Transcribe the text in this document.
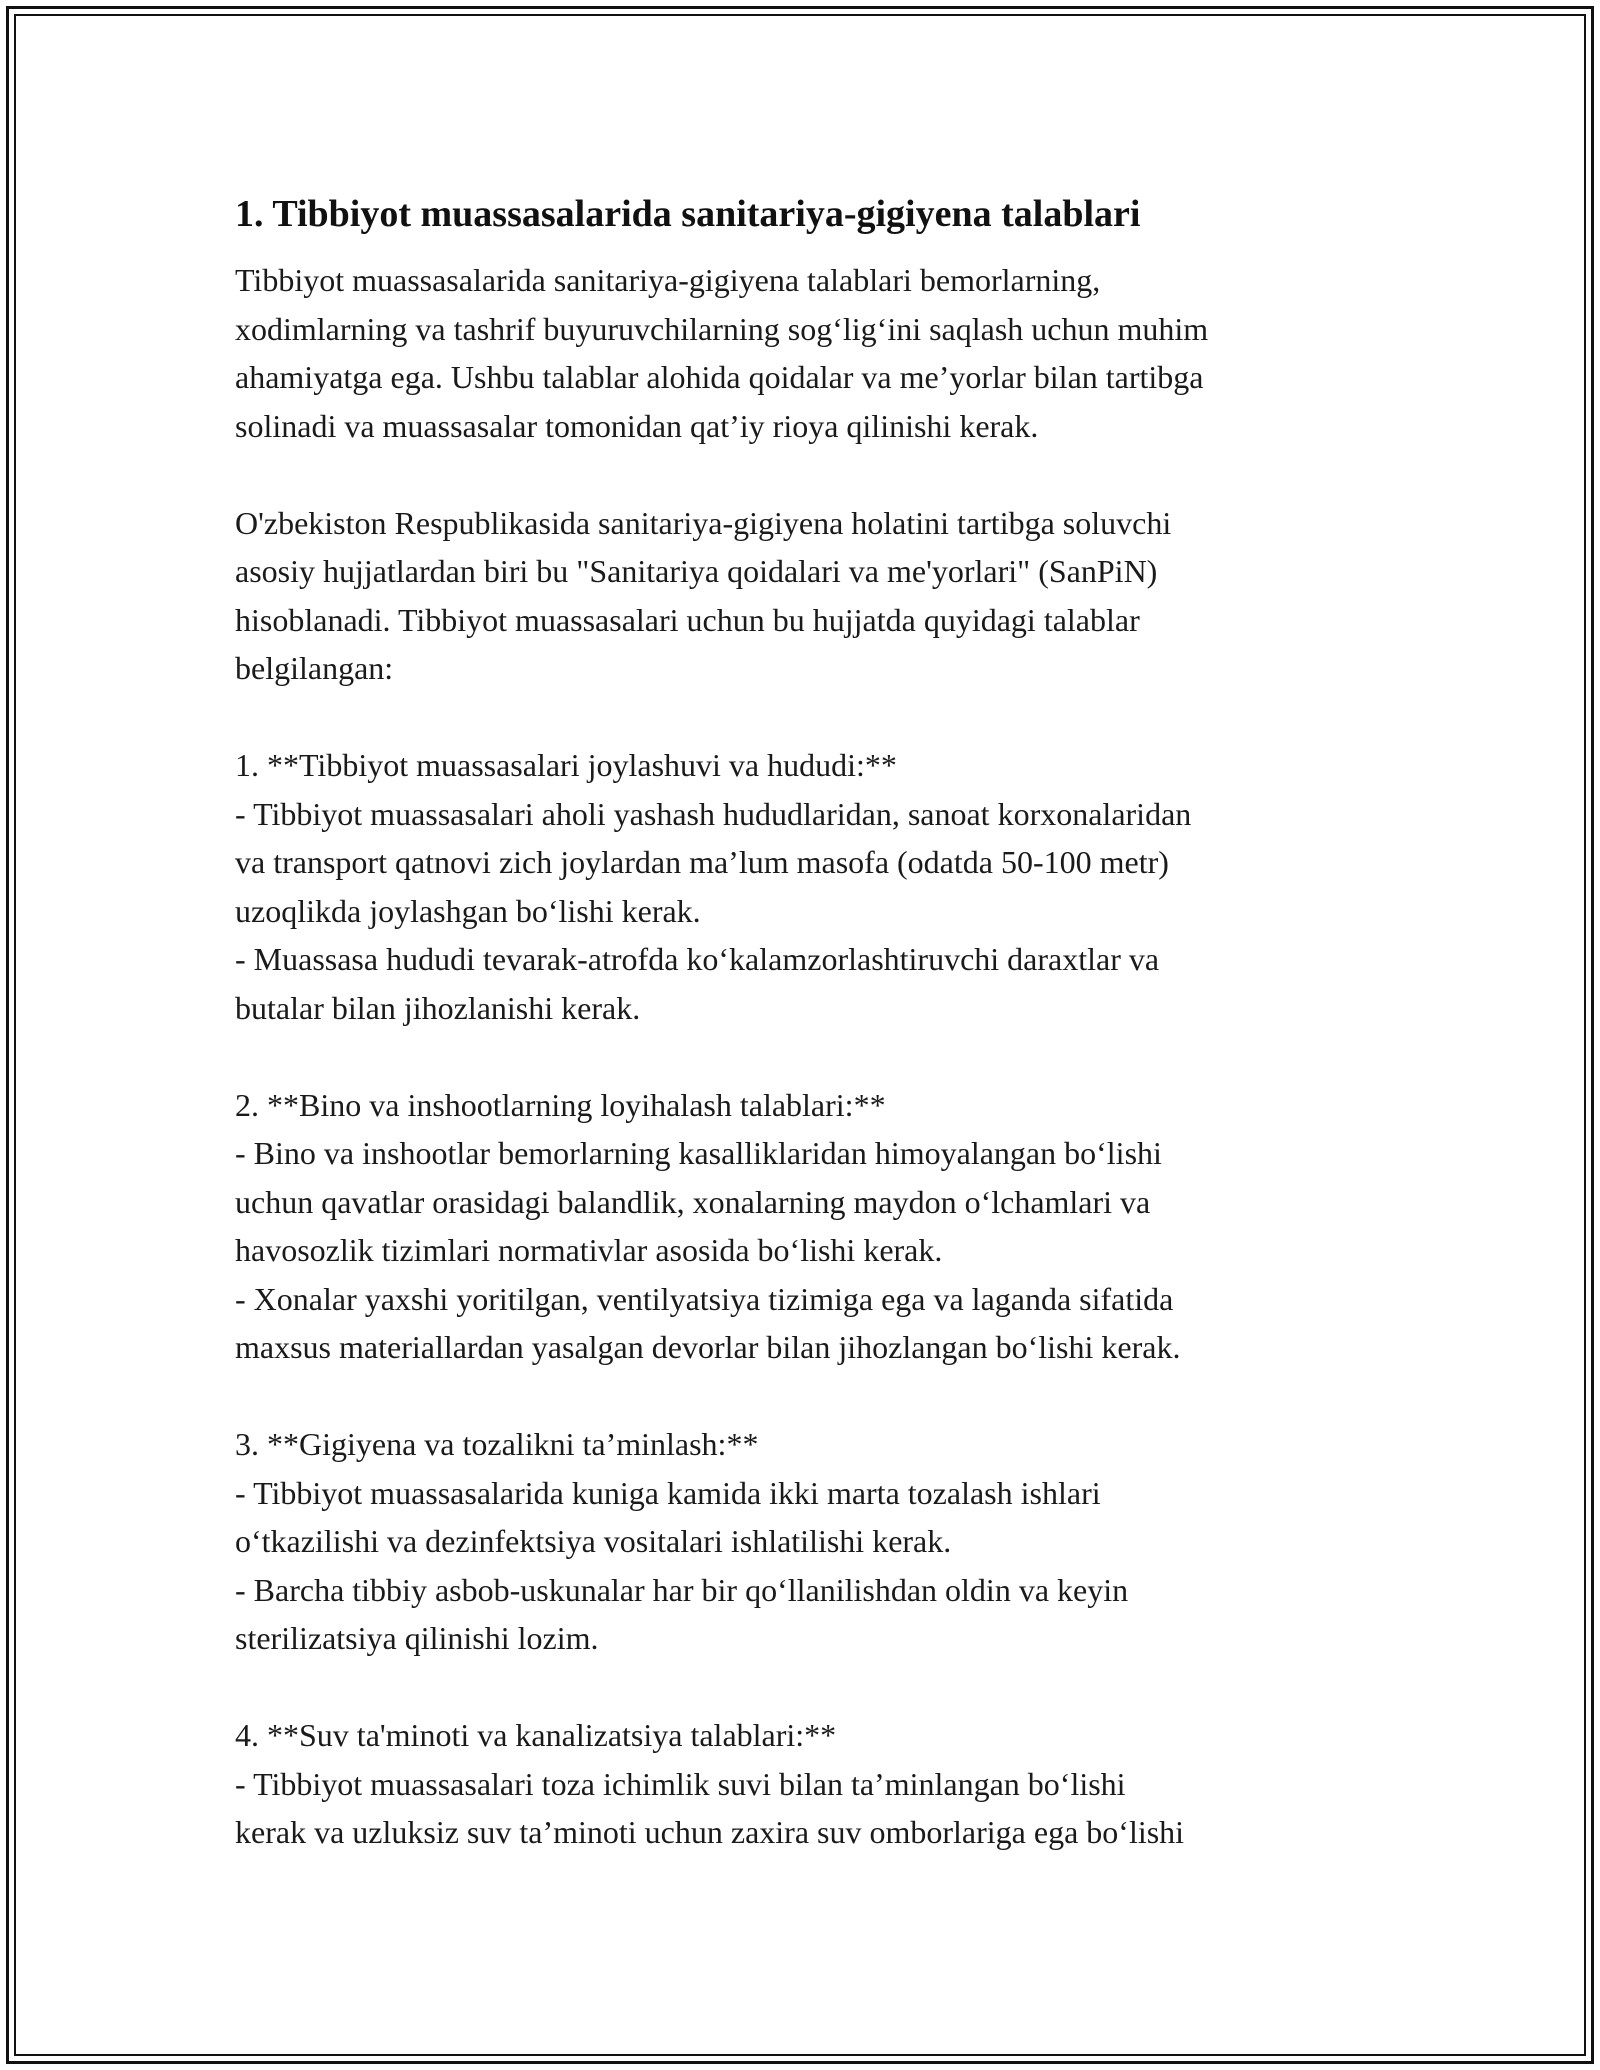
1. Tibbiyot muassasalarida sanitariya-gigiyena talablari

Tibbiyot muassasalarida sanitariya-gigiyena talablari bemorlarning,
xodimlarning va tashrif buyuruvchilarning sog‘lig‘ini saqlash uchun muhim
ahamiyatga ega. Ushbu talablar alohida qoidalar va me’yorlar bilan tartibga
solinadi va muassasalar tomonidan qat’iy rioya qilinishi kerak.

O'zbekiston Respublikasida sanitariya-gigiyena holatini tartibga soluvchi
asosiy hujjatlardan biri bu "Sanitariya qoidalari va me'yorlari" (SanPiN)
hisoblanadi. Tibbiyot muassasalari uchun bu hujjatda quyidagi talablar
belgilangan:

1. **Tibbiyot muassasalari joylashuvi va hududi:**

- Tibbiyot muassasalari aholi yashash hududlaridan, sanoat korxonalaridan
va transport qatnovi zich joylardan ma’lum masofa (odatda 50-100 metr)
uzoqlikda joylashgan bo‘lishi kerak.

- Muassasa hududi tevarak-atrofda ko‘kalamzorlashtiruvchi daraxtlar va
butalar bilan jihozlanishi kerak.

2. **Bino va inshootlarning loyihalash talablari:**

- Bino va inshootlar bemorlarning kasalliklaridan himoyalangan bo‘lishi
uchun qavatlar orasidagi balandlik, xonalarning maydon o‘lchamlari va
havosozlik tizimlari normativlar asosida bo‘lishi kerak.

- Xonalar yaxshi yoritilgan, ventilyatsiya tizimiga ega va laganda sifatida
maxsus materiallardan yasalgan devorlar bilan jihozlangan bo‘lishi kerak.

3. **Gigiyena va tozalikni ta’minlash:**

- Tibbiyot muassasalarida kuniga kamida ikki marta tozalash ishlari
o‘tkazilishi va dezinfektsiya vositalari ishlatilishi kerak.

- Barcha tibbiy asbob-uskunalar har bir qo‘llanilishdan oldin va keyin
sterilizatsiya qilinishi lozim.

4. **Suv ta'minoti va kanalizatsiya talablari:**

- Tibbiyot muassasalari toza ichimlik suvi bilan ta’minlangan bo‘lishi
kerak va uzluksiz suv ta’minoti uchun zaxira suv omborlariga ega bo‘lishi
